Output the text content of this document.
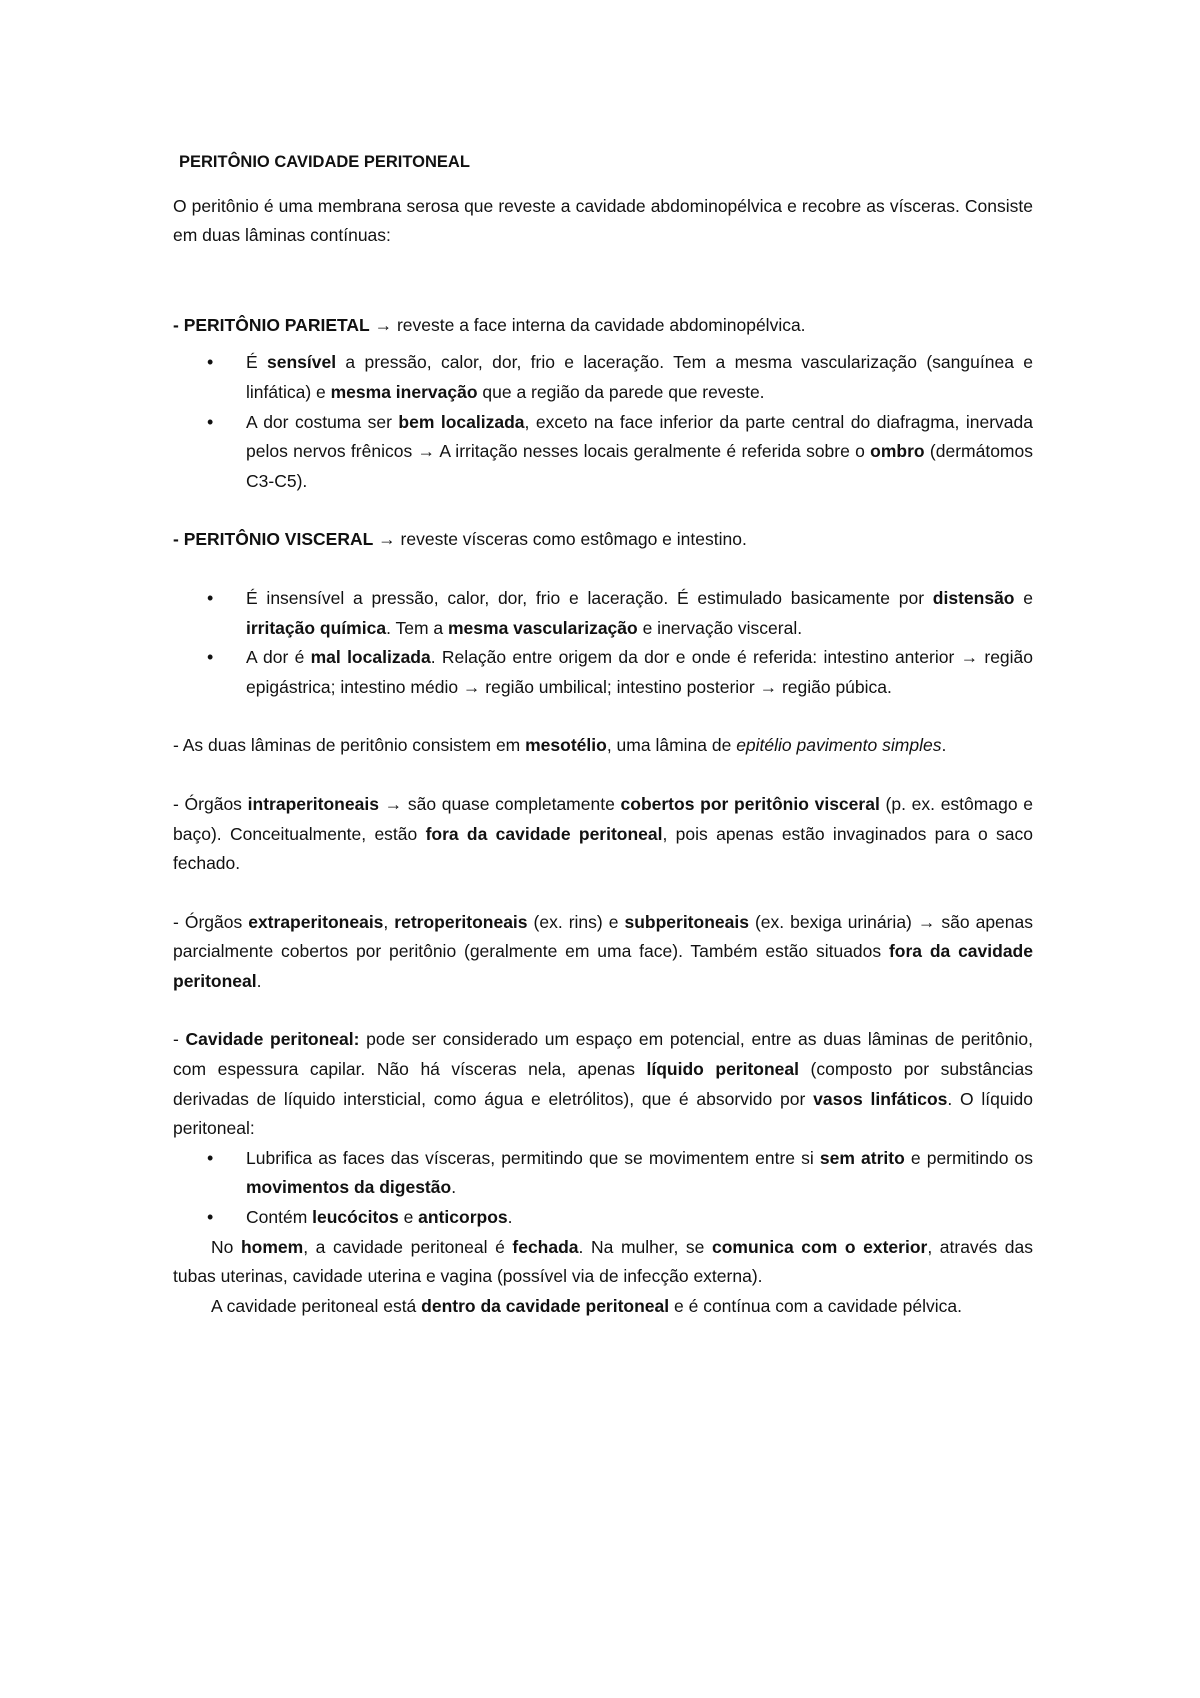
PERITÔNIO CAVIDADE PERITONEAL

O peritônio é uma membrana serosa que reveste a cavidade abdominopélvica e recobre as vísceras. Consiste em duas lâminas contínuas:

- PERITÔNIO PARIETAL → reveste a face interna da cavidade abdominopélvica.

• É sensível a pressão, calor, dor, frio e laceração. Tem a mesma vascularização (sanguínea e linfática) e mesma inervação que a região da parede que reveste.
• A dor costuma ser bem localizada, exceto na face inferior da parte central do diafragma, inervada pelos nervos frênicos → A irritação nesses locais geralmente é referida sobre o ombro (dermátomos C3-C5).

- PERITÔNIO VISCERAL → reveste vísceras como estômago e intestino.

• É insensível a pressão, calor, dor, frio e laceração. É estimulado basicamente por distensão e irritação química. Tem a mesma vascularização e inervação visceral.
• A dor é mal localizada. Relação entre origem da dor e onde é referida: intestino anterior → região epigástrica; intestino médio → região umbilical; intestino posterior → região púbica.

- As duas lâminas de peritônio consistem em mesotélio, uma lâmina de epitélio pavimento simples.

- Órgãos intraperitoneais → são quase completamente cobertos por peritônio visceral (p. ex. estômago e baço). Conceitualmente, estão fora da cavidade peritoneal, pois apenas estão invaginados para o saco fechado.

- Órgãos extraperitoneais, retroperitoneais (ex. rins) e subperitoneais (ex. bexiga urinária) → são apenas parcialmente cobertos por peritônio (geralmente em uma face). Também estão situados fora da cavidade peritoneal.

- Cavidade peritoneal: pode ser considerado um espaço em potencial, entre as duas lâminas de peritônio, com espessura capilar. Não há vísceras nela, apenas líquido peritoneal (composto por substâncias derivadas de líquido intersticial, como água e eletrólitos), que é absorvido por vasos linfáticos. O líquido peritoneal:

• Lubrifica as faces das vísceras, permitindo que se movimentem entre si sem atrito e permitindo os movimentos da digestão.
• Contém leucócitos e anticorpos.

No homem, a cavidade peritoneal é fechada. Na mulher, se comunica com o exterior, através das tubas uterinas, cavidade uterina e vagina (possível via de infecção externa).

A cavidade peritoneal está dentro da cavidade peritoneal e é contínua com a cavidade pélvica.
